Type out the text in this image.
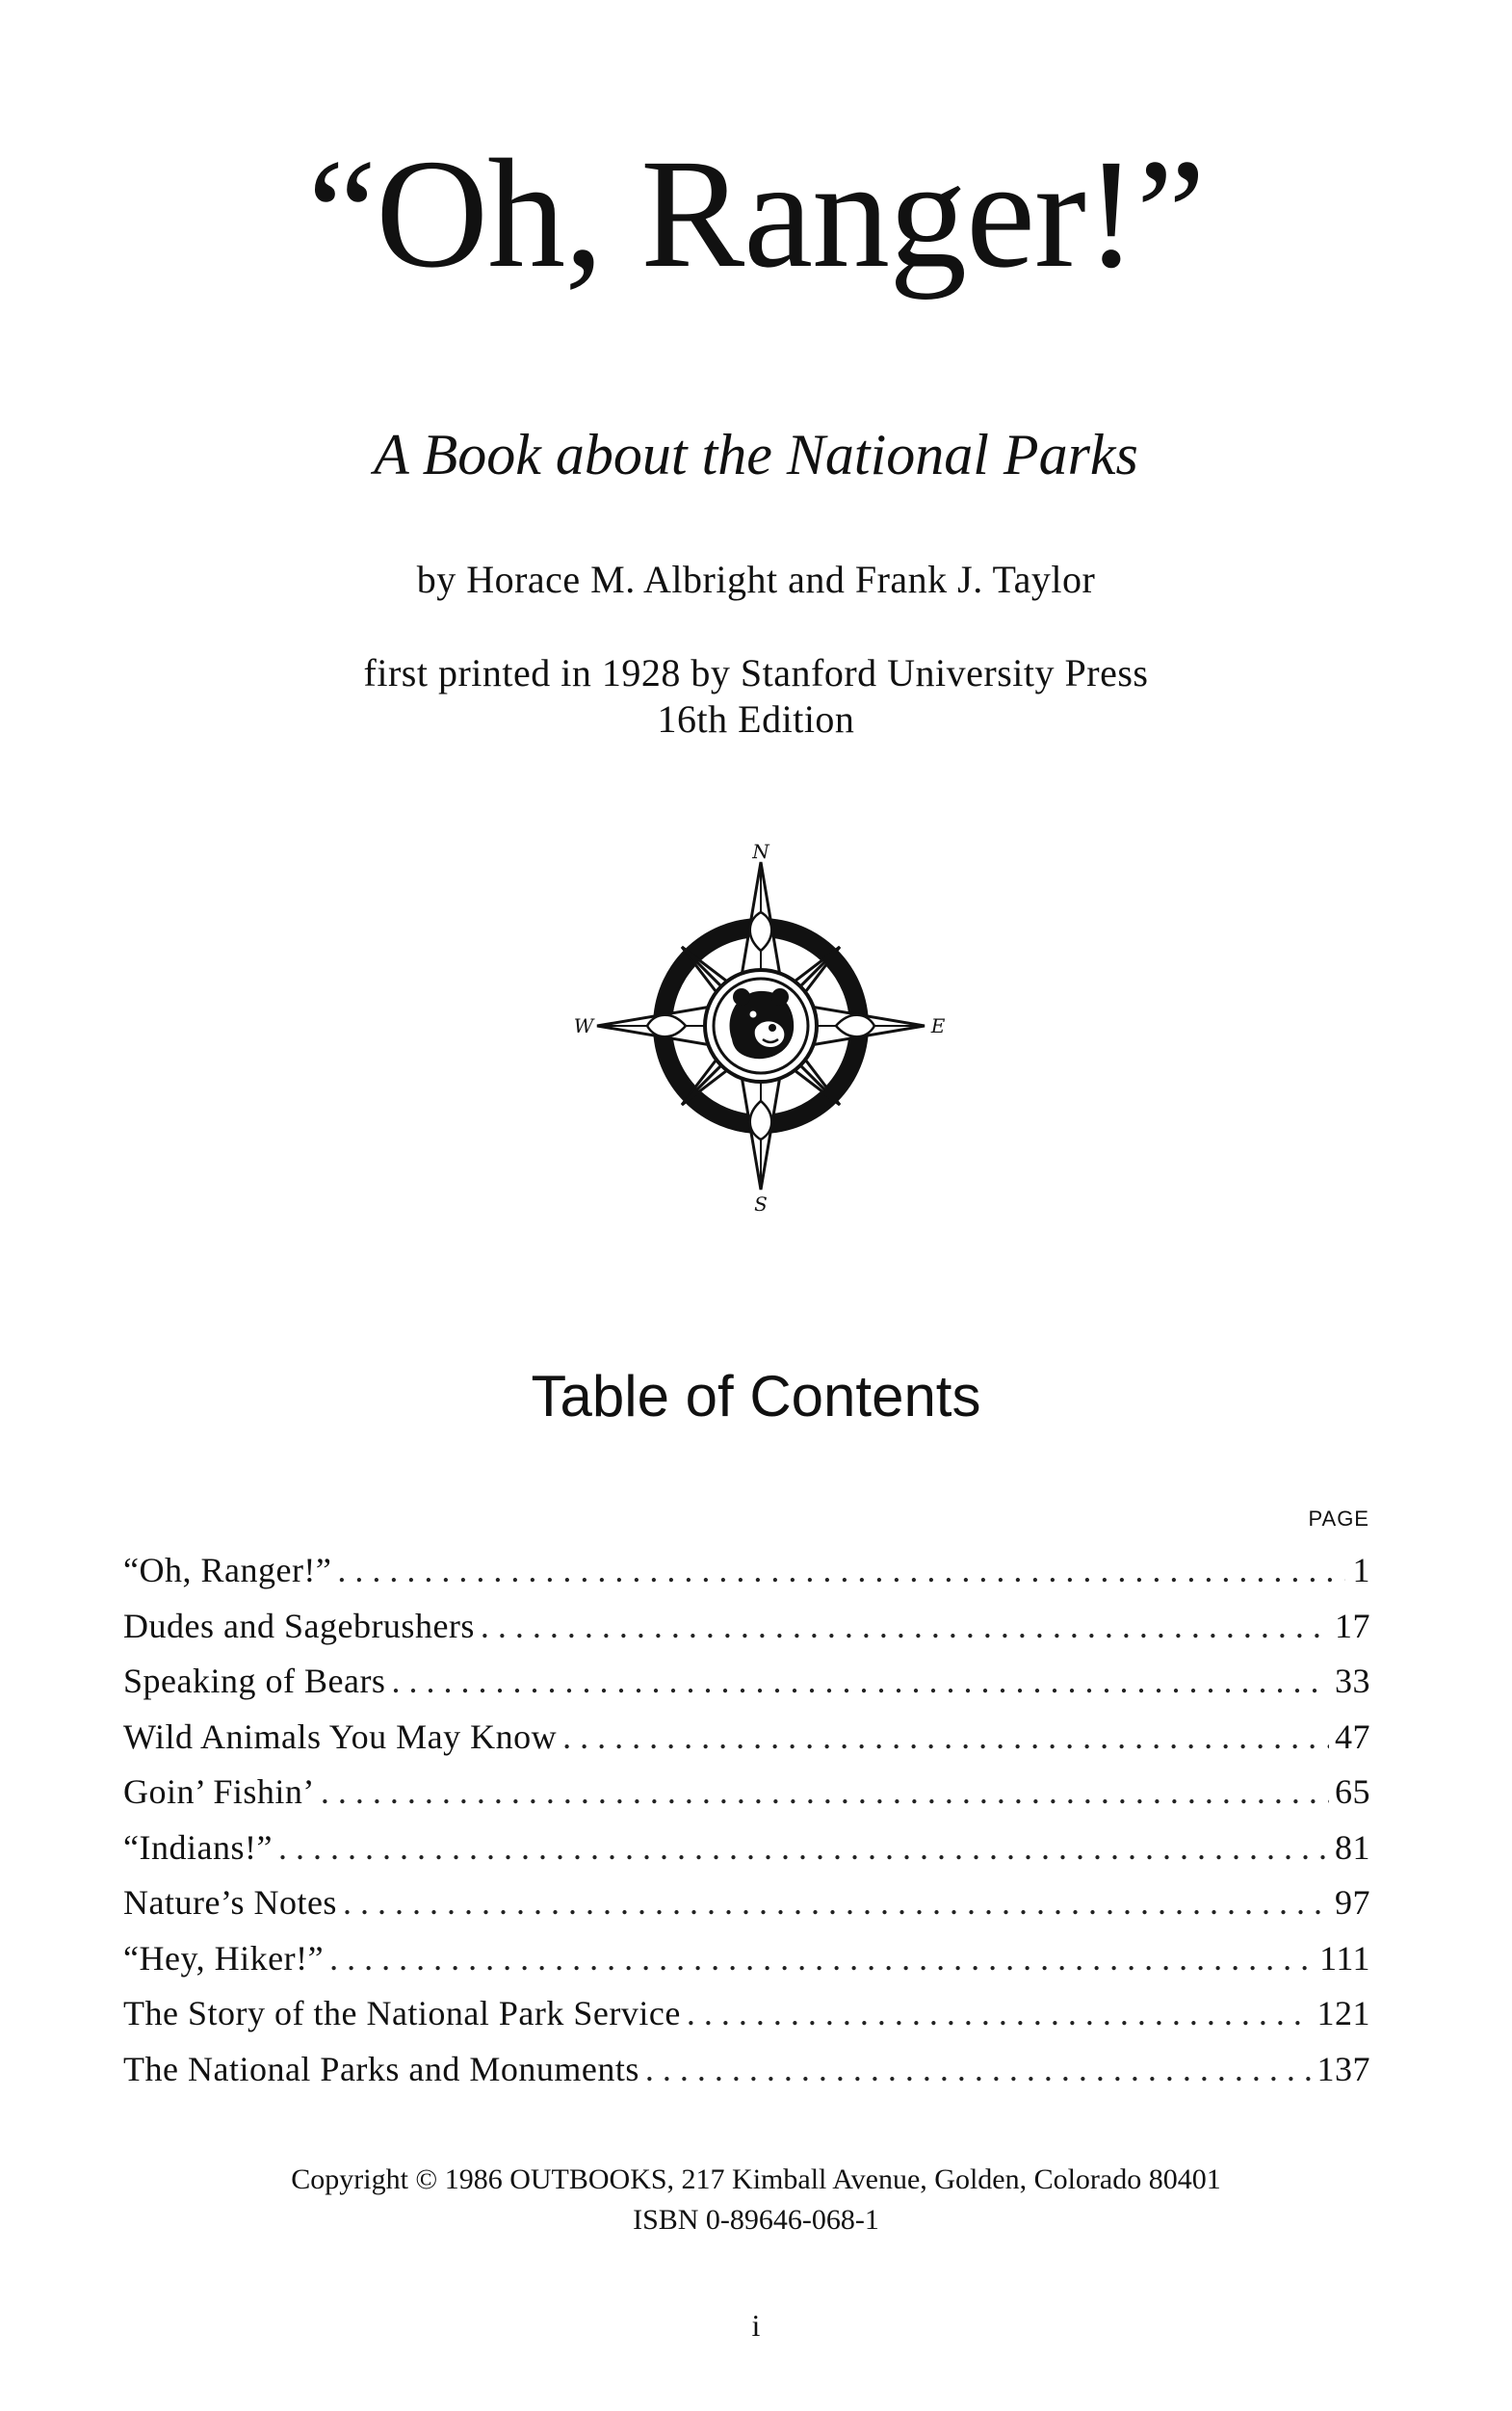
“Oh, Ranger!”
A Book about the National Parks
by Horace M. Albright and Frank J. Taylor
first printed in 1928 by Stanford University Press
16th Edition
N
S
E
W
Table of Contents
PAGE
“Oh, Ranger!” .....	1
Dudes and Sagebrushers .....	17
Speaking of Bears .....	33
Wild Animals You May Know .....	47
Goin’ Fishin’ .....	65
“Indians!” .....	81
Nature’s Notes .....	97
“Hey, Hiker!” .....	111
The Story of the National Park Service .....	121
The National Parks and Monuments .....	137
Copyright © 1986 OUTBOOKS, 217 Kimball Avenue, Golden, Colorado 80401
ISBN 0-89646-068-1
i
